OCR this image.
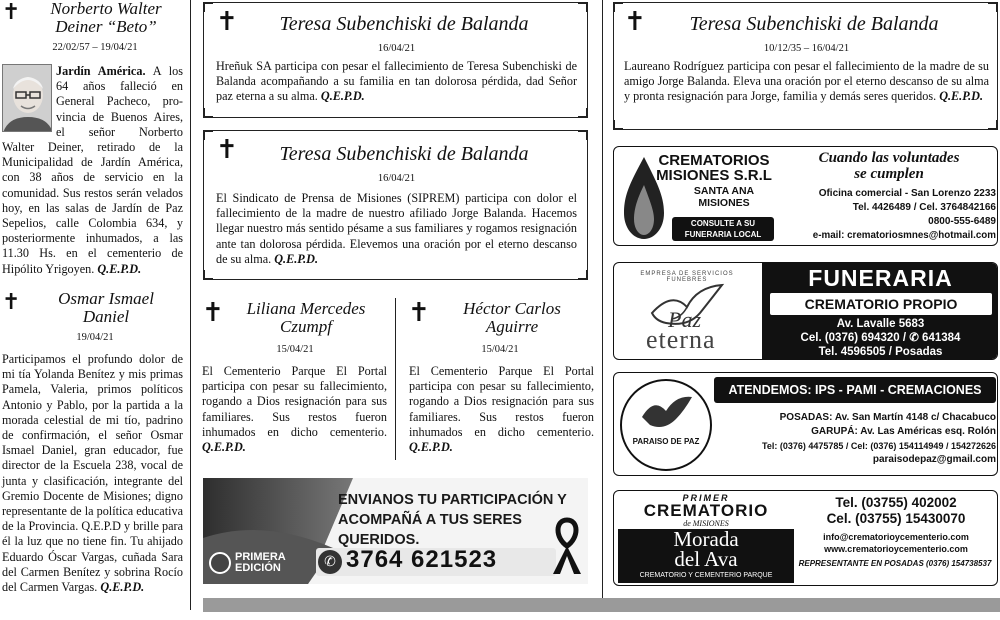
✝	Norberto Walter
Deiner “Beto”
22/02/57 – 19/04/21
Jardín América. A los
64 años falleció en
General Pacheco, pro-
vincia de Buenos Aires,
el señor Norberto
Walter Deiner, retirado de la Municipalidad de Jardín América, con 38 años de servicio en la comunidad. Sus restos serán velados hoy, en las salas de Jardín de Paz Sepelios, calle Colombia 634, y posteriormente inhumados, a las 11.30 Hs. en el cementerio de Hipólito Yrigoyen. Q.E.P.D.
✝	Osmar Ismael
Daniel
19/04/21
Participamos el profundo dolor de mi tía Yolanda Benítez y mis primas Pamela, Valeria, primos políticos Antonio y Pablo, por la partida a la morada celestial de mi tío, padrino de confirmación, el señor Osmar Ismael Daniel, gran educador, fue director de la Escuela 238, vocal de junta y clasificación, integrante del Gremio Docente de Misiones; digno representante de la política educativa de la Provincia. Q.E.P.D y brille para él la luz que no tiene fin. Tu ahijado Eduardo Óscar Vargas, cuñada Sara del Carmen Benítez y sobrina Rocío del Carmen Vargas. Q.E.P.D.
✝	Teresa Subenchiski de Balanda
16/04/21
Hreñuk SA participa con pesar el fallecimiento de Teresa Subenchiski de Balanda acompañando a su familia en tan dolorosa pérdida, dad Señor paz eterna a su alma. Q.E.P.D.
✝	Teresa Subenchiski de Balanda
16/04/21
El Sindicato de Prensa de Misiones (SIPREM) participa con dolor el fallecimiento de la madre de nuestro afiliado Jorge Balanda. Hacemos llegar nuestro más sentido pésame a sus familiares y rogamos resignación ante tan dolorosa pérdida. Elevemos una oración por el eterno descanso de su alma. Q.E.P.D.
✝	Liliana Mercedes
Czumpf
15/04/21
El Cementerio Parque El Portal participa con pesar su fallecimiento, rogando a Dios resignación para sus familiares. Sus restos fueron inhumados en dicho cementerio. Q.E.P.D.
✝	Héctor Carlos
Aguirre
15/04/21
El Cementerio Parque El Portal participa con pesar su fallecimiento, rogando a Dios resignación para sus familiares. Sus restos fueron inhumados en dicho cementerio. Q.E.P.D.
ENVIANOS TU PARTICIPACIÓN Y
ACOMPAÑÁ A TUS SERES QUERIDOS.
✆ 3764 621523
PRIMERA
EDICIÓN
✝	Teresa Subenchiski de Balanda
10/12/35 – 16/04/21
Laureano Rodríguez participa con pesar el fallecimiento de la madre de su amigo Jorge Balanda. Eleva una oración por el eterno descanso de su alma y pronta resignación para Jorge, familia y demás seres queridos. Q.E.P.D.
CREMATORIOS
MISIONES S.R.L
SANTA ANA
MISIONES
CONSULTE A SU
FUNERARIA LOCAL
Cuando las voluntades
se cumplen
Oficina comercial - San Lorenzo 2233
Tel. 4426489 / Cel. 3764842166
0800-555-6489
e-mail: crematoriosmnes@hotmail.com
EMPRESA DE SERVICIOS FUNEBRES
Paz
eterna
FUNERARIA
CREMATORIO PROPIO
Av. Lavalle 5683
Cel. (0376) 694320 / ✆ 641384
Tel. 4596505 / Posadas
PARAISO DE PAZ
ATENDEMOS: IPS - PAMI - CREMACIONES
POSADAS: Av. San Martín 4148 c/ Chacabuco
GARUPÁ: Av. Las Américas esq. Rolón
Tel: (0376) 4475785 / Cel: (0376) 154114949 / 154272626
paraisodepaz@gmail.com
PRIMER
CREMATORIO
de MISIONES
Morada
del Ava
CREMATORIO Y CEMENTERIO PARQUE
Tel. (03755) 402002
Cel. (03755) 15430070
info@crematorioycementerio.com
www.crematorioycementerio.com
REPRESENTANTE EN POSADAS (0376) 154738537
